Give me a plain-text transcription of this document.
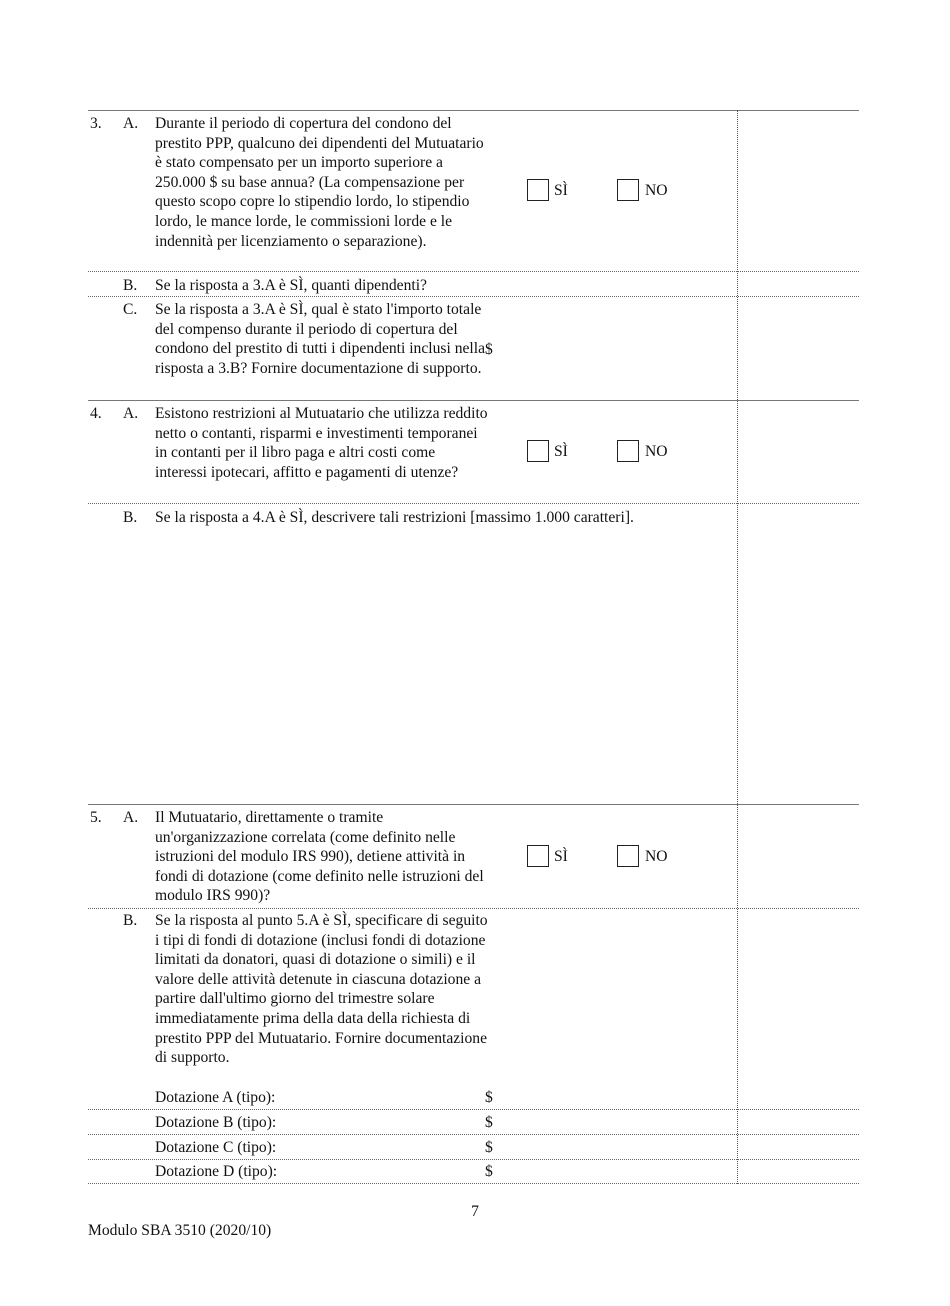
3. A. Durante il periodo di copertura del condono del prestito PPP, qualcuno dei dipendenti del Mutuatario è stato compensato per un importo superiore a 250.000 $ su base annua? (La compensazione per questo scopo copre lo stipendio lordo, lo stipendio lordo, le mance lorde, le commissioni lorde e le indennità per licenziamento o separazione).
SÌ	NO
B. Se la risposta a 3.A è SÌ, quanti dipendenti?
C. Se la risposta a 3.A è SÌ, qual è stato l'importo totale del compenso durante il periodo di copertura del condono del prestito di tutti i dipendenti inclusi nella risposta a 3.B? Fornire documentazione di supporto.
$
4. A. Esistono restrizioni al Mutuatario che utilizza reddito netto o contanti, risparmi e investimenti temporanei in contanti per il libro paga e altri costi come interessi ipotecari, affitto e pagamenti di utenze?
SÌ	NO
B. Se la risposta a 4.A è SÌ, descrivere tali restrizioni [massimo 1.000 caratteri].
5. A. Il Mutuatario, direttamente o tramite un'organizzazione correlata (come definito nelle istruzioni del modulo IRS 990), detiene attività in fondi di dotazione (come definito nelle istruzioni del modulo IRS 990)?
SÌ	NO
B. Se la risposta al punto 5.A è SÌ, specificare di seguito i tipi di fondi di dotazione (inclusi fondi di dotazione limitati da donatori, quasi di dotazione o simili) e il valore delle attività detenute in ciascuna dotazione a partire dall'ultimo giorno del trimestre solare immediatamente prima della data della richiesta di prestito PPP del Mutuatario. Fornire documentazione di supporto.
Dotazione A (tipo):	$
Dotazione B (tipo):	$
Dotazione C (tipo):	$
Dotazione D (tipo):	$
7
Modulo SBA 3510 (2020/10)
